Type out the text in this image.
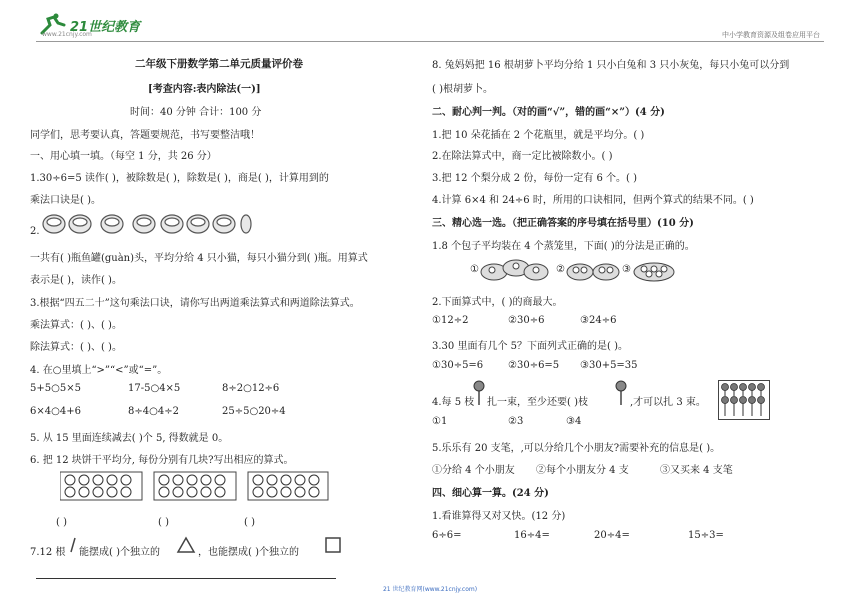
21世纪教育
www.21cnjy.com	中小学教育资源及组卷应用平台
二年级下册数学第二单元质量评价卷
[考查内容:表内除法(一)]
时间：40 分钟 合计：100 分
同学们，思考要认真，答题要规范，书写要整洁哦！
一、用心填一填。（每空 1 分，共 26 分）
1.30÷6=5 读作( )，被除数是( )，除数是( )，商是( )，计算用到的
乘法口诀是( )。
2.
一共有( )瓶鱼罐(guàn)头，平均分给 4 只小猫，每只小猫分到( )瓶。用算式
表示是( )，读作( )。
3.根据“四五二十”这句乘法口诀，请你写出两道乘法算式和两道除法算式。
乘法算式：( )、( )。
除法算式：( )、( )。
4. 在○里填上“>”“<”或“=”。
5+5○5×5	17-5○4×5	8÷2○12÷6
6×4○4+6	8÷4○4÷2	25÷5○20÷4
5. 从 15 里面连续减去( )个 5, 得数就是 0。
6. 把 12 块饼干平均分, 每份分别有几块?写出相应的算式。
( )	( )	( )
7.12 根 能摆成( )个独立的	，也能摆成( )个独立的
8. 兔妈妈把 16 根胡萝卜平均分给 1 只小白兔和 3 只小灰兔，每只小兔可以分到
( )根胡萝卜。
二、耐心判一判。（对的画“√”，错的画“×”）(4 分)
1.把 10 朵花插在 2 个花瓶里，就是平均分。( )
2.在除法算式中，商一定比被除数小。( )
3.把 12 个梨分成 2 份，每份一定有 6 个。( )
4.计算 6×4 和 24÷6 时，所用的口诀相同，但两个算式的结果不同。( )
三、精心选一选。（把正确答案的序号填在括号里）(10 分)
1.8 个包子平均装在 4 个蒸笼里，下面( )的分法是正确的。
①	②	③
2.下面算式中，( )的商最大。
①12÷2	②30÷6	③24÷6
3.30 里面有几个 5？下面列式正确的是( )。
①30÷5=6 ②30÷6=5 ③30+5=35
4.每 5 枝 扎一束，至少还要( )枝	,才可以扎 3 束。
①1	②3	③4
5.乐乐有 20 支笔，,可以分给几个小朋友?需要补充的信息是( )。
①分给 4 个小朋友 ②每个小朋友分 4 支	③又买来 4 支笔
四、细心算一算。(24 分)
1.看谁算得又对又快。(12 分)
6÷6=	16÷4=	20÷4=	15÷3=
21 世纪教育网(www.21cnjy.com)
